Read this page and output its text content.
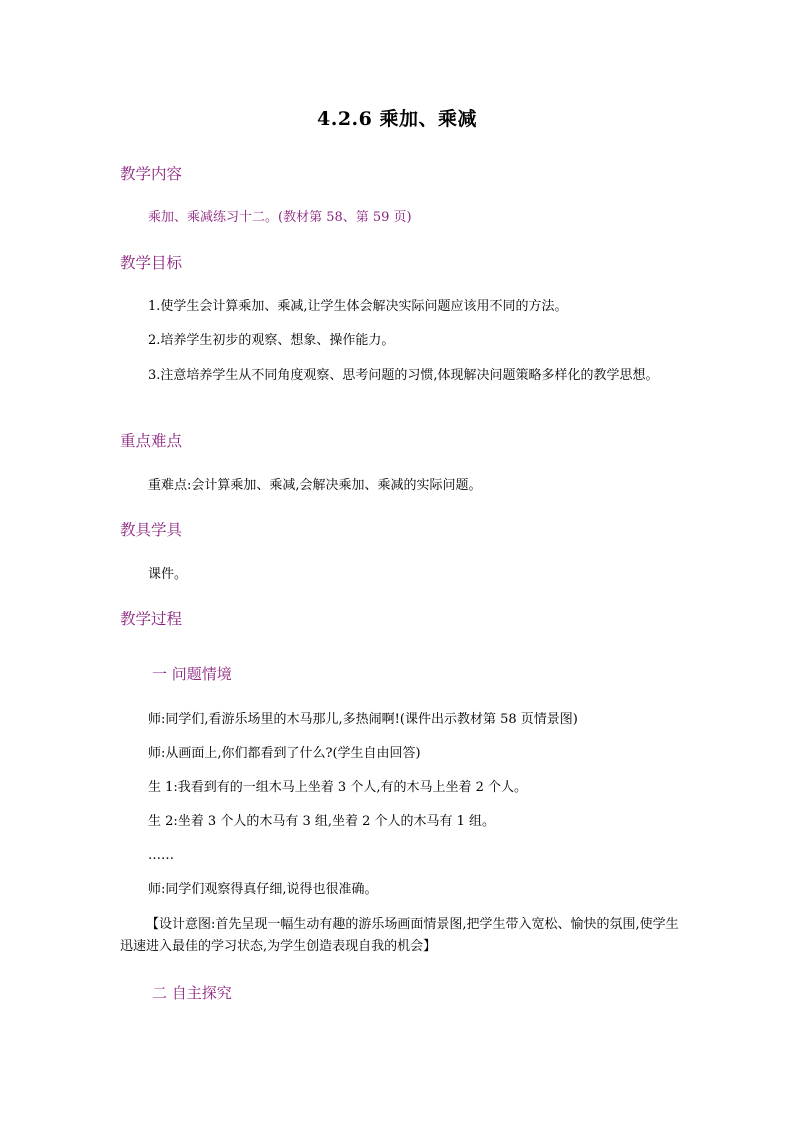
4.2.6 乘加、乘减
教学内容
乘加、乘减练习十二。(教材第 58、第 59 页)
教学目标
1.使学生会计算乘加、乘减,让学生体会解决实际问题应该用不同的方法。
2.培养学生初步的观察、想象、操作能力。
3.注意培养学生从不同角度观察、思考问题的习惯,体现解决问题策略多样化的教学思想。
重点难点
重难点:会计算乘加、乘减,会解决乘加、乘减的实际问题。
教具学具
课件。
教学过程
一 问题情境
师:同学们,看游乐场里的木马那儿,多热闹啊!(课件出示教材第 58 页情景图)
师:从画面上,你们都看到了什么?(学生自由回答)
生 1:我看到有的一组木马上坐着 3 个人,有的木马上坐着 2 个人。
生 2:坐着 3 个人的木马有 3 组,坐着 2 个人的木马有 1 组。
……
师:同学们观察得真仔细,说得也很准确。
【设计意图:首先呈现一幅生动有趣的游乐场画面情景图,把学生带入宽松、愉快的氛围,使学生迅速进入最佳的学习状态,为学生创造表现自我的机会】
二 自主探究
